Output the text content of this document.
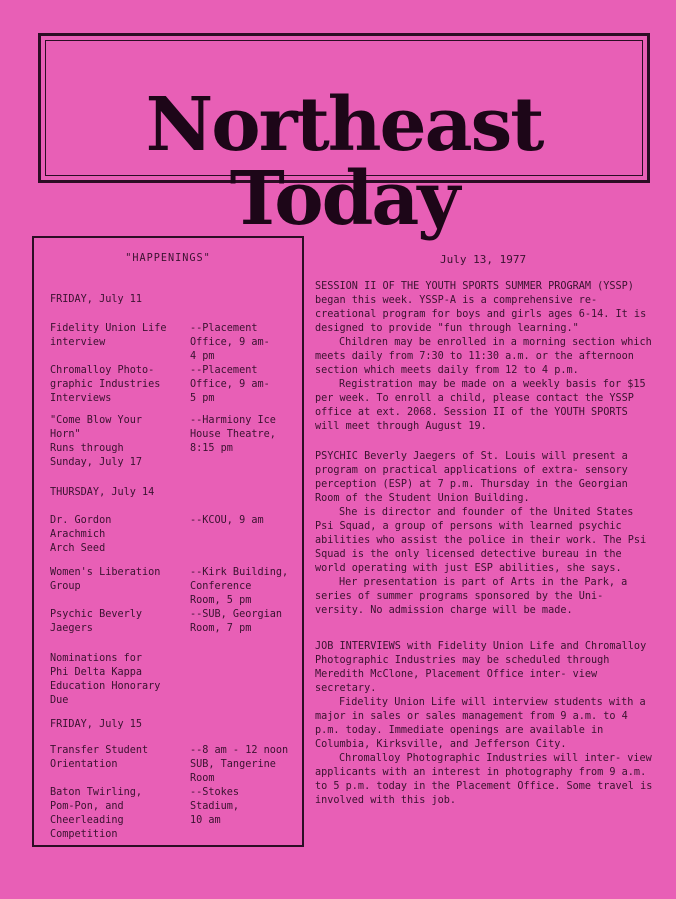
Northeast Today
July 13, 1977
"HAPPENINGS"
FRIDAY, July 11
Fidelity Union Life
interview
--Placement
Office, 9 am-
4 pm
Chromalloy Photo-
graphic Industries
Interviews
--Placement
Office, 9 am-
5 pm
"Come Blow Your
Horn"
Runs through
Sunday, July 17
--Harmiony Ice
House Theatre,
8:15 pm
THURSDAY, July 14
Dr. Gordon
Arachmich
Arch Seed
--KCOU, 9 am
Women's Liberation
Group
--Kirk Building,
Conference
Room, 5 pm
Psychic Beverly
Jaegers
--SUB, Georgian
Room, 7 pm
Nominations for
Phi Delta Kappa
Education Honorary
Due
FRIDAY, July 15
Transfer Student
Orientation
--8 am - 12 noon
SUB, Tangerine
Room
Baton Twirling,
Pom-Pon, and
Cheerleading
Competition
--Stokes
Stadium,
10 am

SESSION II OF THE YOUTH SPORTS SUMMER PROGRAM (YSSP) began this week. YSSP-A is a comprehensive re- creational program for boys and girls ages 6-14. It is designed to provide "fun through learning."

Children may be enrolled in a morning section which meets daily from 7:30 to 11:30 a.m. or the afternoon section which meets daily from 12 to 4 p.m.

Registration may be made on a weekly basis for $15 per week. To enroll a child, please contact the YSSP office at ext. 2068. Session II of the YOUTH SPORTS will meet through August 19.

PSYCHIC Beverly Jaegers of St. Louis will present a program on practical applications of extra- sensory perception (ESP) at 7 p.m. Thursday in the Georgian Room of the Student Union Building.

She is director and founder of the United States Psi Squad, a group of persons with learned psychic abilities who assist the police in their work. The Psi Squad is the only licensed detective bureau in the world operating with just ESP abilities, she says.

Her presentation is part of Arts in the Park, a series of summer programs sponsored by the Uni- versity. No admission charge will be made.

JOB INTERVIEWS with Fidelity Union Life and Chromalloy Photographic Industries may be scheduled through Meredith McClone, Placement Office inter- view secretary.

Fidelity Union Life will interview students with a major in sales or sales management from 9 a.m. to 4 p.m. today. Immediate openings are available in Columbia, Kirksville, and Jefferson City.

Chromalloy Photographic Industries will inter- view applicants with an interest in photography from 9 a.m. to 5 p.m. today in the Placement Office. Some travel is involved with this job.
